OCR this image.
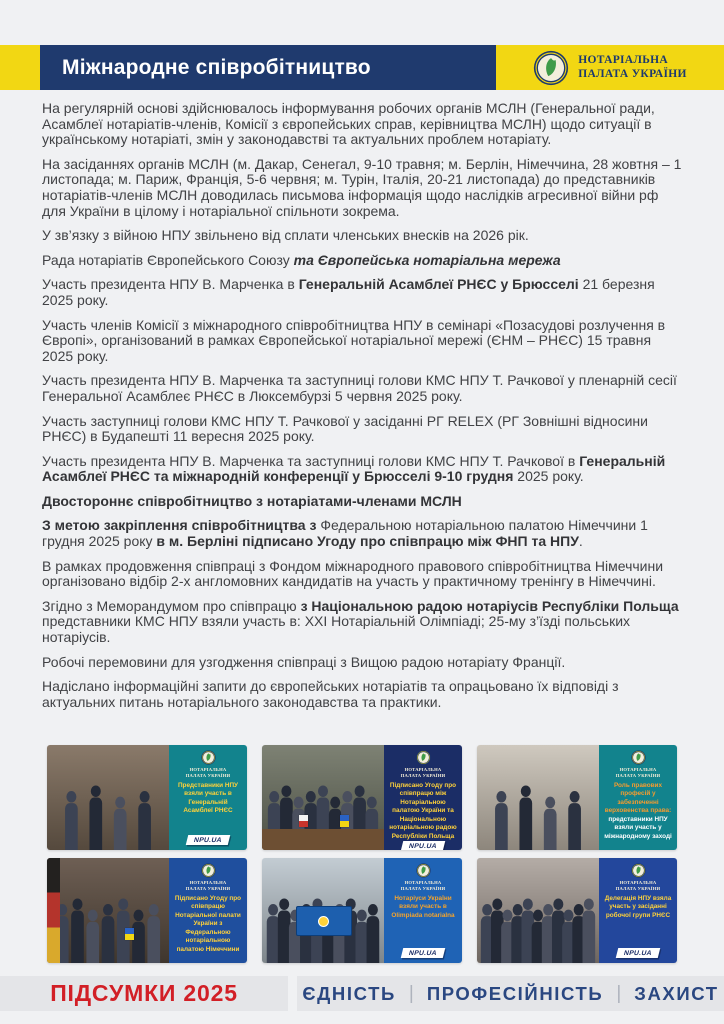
Міжнародне співробітництво	НОТАРІАЛЬНА
ПАЛАТА УКРАЇНИ

На регулярній основі здійснювалось інформування робочих органів МСЛН (Генеральної ради, Асамблеї нотаріатів-членів, Комісії з європейських справ, керівництва МСЛН) щодо ситуації в українському нотаріаті, змін у законодавстві та актуальних проблем нотаріату.

На засіданнях органів МСЛН (м. Дакар, Сенегал, 9-10 травня; м. Берлін, Німеччина, 28 жовтня – 1 листопада; м. Париж, Франція, 5-6 червня; м. Турін, Італія, 20-21 листопада) до представників нотаріатів-членів МСЛН доводилась письмова інформація щодо наслідків агресивної війни рф для України в цілому і нотаріальної спільноти зокрема.

У зв’язку з війною НПУ звільнено від сплати членських внесків на 2026 рік.

Рада нотаріатів Європейського Союзу та Європейська нотаріальна мережа

Участь президента НПУ В. Марченка в Генеральній Асамблеї РНЄС у Брюсселі 21 березня 2025 року.

Участь членів Комісії з міжнародного співробітництва НПУ в семінарі «Позасудові розлучення в Європі», організований в рамках Європейської нотаріальної мережі (ЄНМ – РНЄС) 15 травня 2025 року.

Участь президента НПУ В. Марченка та заступниці голови КМС НПУ Т. Рачкової у пленарній сесії Генеральної Асамблеє РНЄС в Люксембурзі 5 червня 2025 року.

Участь заступниці голови КМС НПУ Т. Рачкової у засіданні РГ RELEX (РГ Зовнішні відносини РНЄС) в Будапешті 11 вересня 2025 року.

Участь президента НПУ В. Марченка та заступниці голови КМС НПУ Т. Рачкової в Генеральній Асамблеї РНЄС та міжнародній конференції у Брюсселі 9-10 грудня 2025 року.

Двостороннє співробітництво з нотаріатами-членами МСЛН

З метою закріплення співробітництва з Федеральною нотаріальною палатою Німеччини 1 грудня 2025 року в м. Берліні підписано Угоду про співпрацю між ФНП та НПУ.

В рамках продовження співпраці з Фондом міжнародного правового співробітництва Німеччини організовано відбір 2-х англомовних кандидатів на участь у практичному тренінгу в Німеччині.

Згідно з Меморандумом про співпрацю з Національною радою нотаріусів Республіки Польща представники КМС НПУ взяли участь в: XXI Нотаріальній Олімпіаді; 25-му з’їзді польських нотаріусів.

Робочі перемовини для узгодження співпраці з Вищою радою нотаріату Франції.

Надіслано інформаційні запити до європейських нотаріатів та опрацьовано їх відповіді з актуальних питань нотаріального законодавства та практики.

НОТАРІАЛЬНА
ПАЛАТА УКРАЇНИ
Представники НПУ взяли участь в Генеральній Асамблеї РНЄС
NPU.UA
НОТАРІАЛЬНА
ПАЛАТА УКРАЇНИ
Підписано Угоду про співпрацю між Нотаріальною палатою України та Національною нотаріальною радою Республіки Польща
NPU.UA
НОТАРІАЛЬНА
ПАЛАТА УКРАЇНИ
Роль правових професій у забезпеченні верховенства права:
представники НПУ взяли участь у міжнародному заході
НОТАРІАЛЬНА
ПАЛАТА УКРАЇНИ
Підписано Угоду про співпрацю Нотаріальної палати України з Федеральною нотаріальною палатою Німеччини
НОТАРІАЛЬНА
ПАЛАТА УКРАЇНИ
Нотаріуси України взяли участь в Olimpiada notarialna
NPU.UA
НОТАРІАЛЬНА
ПАЛАТА УКРАЇНИ
Делегація НПУ взяла участь у засіданні робочої групи РНЄС
NPU.UA
ПІДСУМКИ 2025	ЄДНІСТЬ | ПРОФЕСІЙНІСТЬ | ЗАХИСТ
